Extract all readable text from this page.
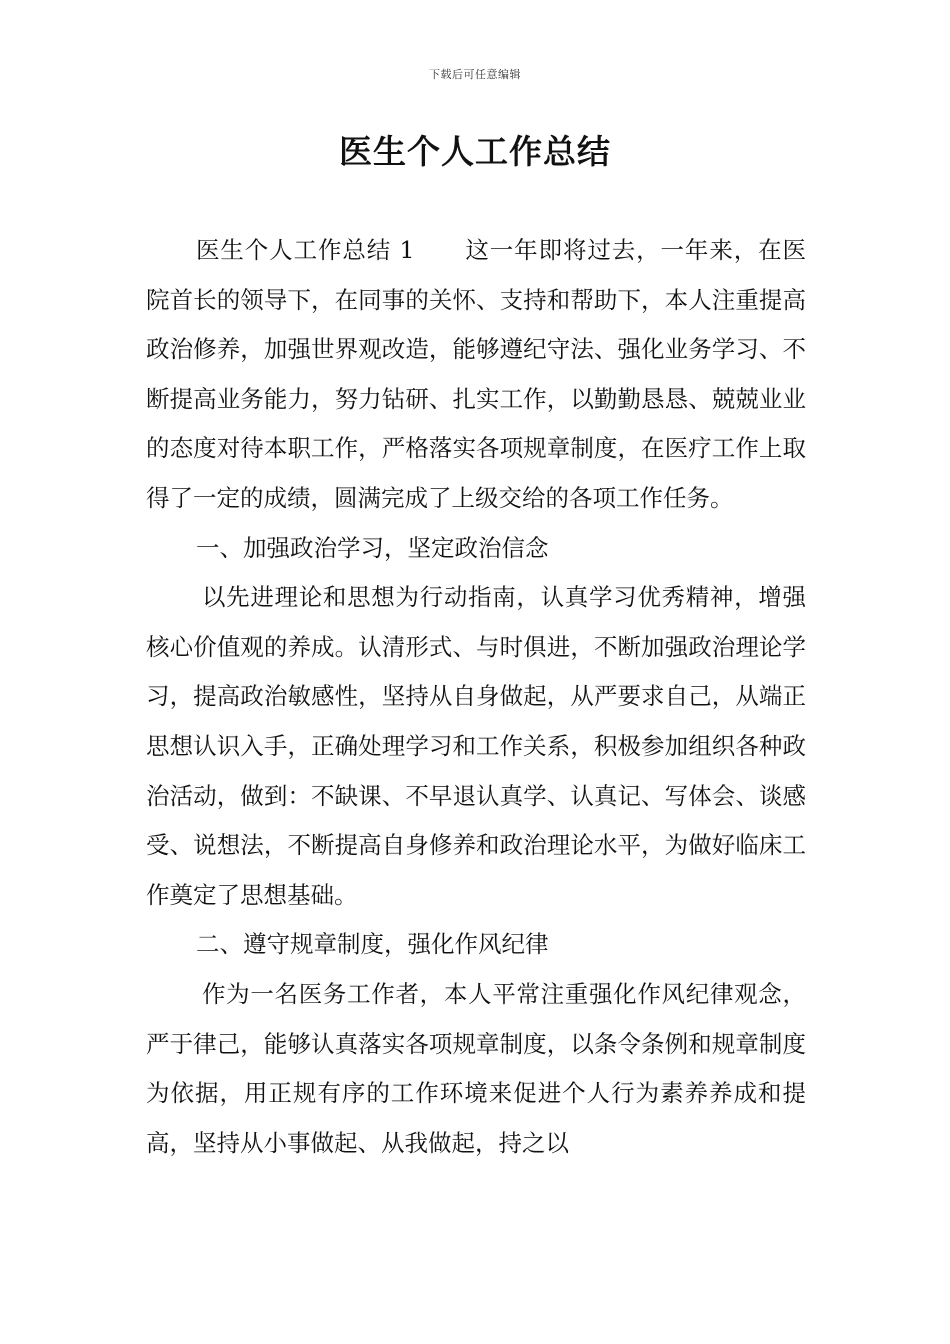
下载后可任意编辑
医生个人工作总结

医生个人工作总结 1 这一年即将过去，一年来，在医院首长的领导下，在同事的关怀、支持和帮助下，本人注重提高政治修养，加强世界观改造，能够遵纪守法、强化业务学习、不断提高业务能力，努力钻研、扎实工作，以勤勤恳恳、兢兢业业的态度对待本职工作，严格落实各项规章制度，在医疗工作上取得了一定的成绩，圆满完成了上级交给的各项工作任务。

一、加强政治学习，坚定政治信念

以先进理论和思想为行动指南，认真学习优秀精神，增强核心价值观的养成。认清形式、与时俱进，不断加强政治理论学习，提高政治敏感性，坚持从自身做起，从严要求自己，从端正思想认识入手，正确处理学习和工作关系，积极参加组织各种政治活动，做到：不缺课、不早退认真学、认真记、写体会、谈感受、说想法，不断提高自身修养和政治理论水平，为做好临床工作奠定了思想基础。

二、遵守规章制度，强化作风纪律

作为一名医务工作者，本人平常注重强化作风纪律观念，严于律己，能够认真落实各项规章制度，以条令条例和规章制度为依据，用正规有序的工作环境来促进个人行为素养养成和提高，坚持从小事做起、从我做起，持之以
